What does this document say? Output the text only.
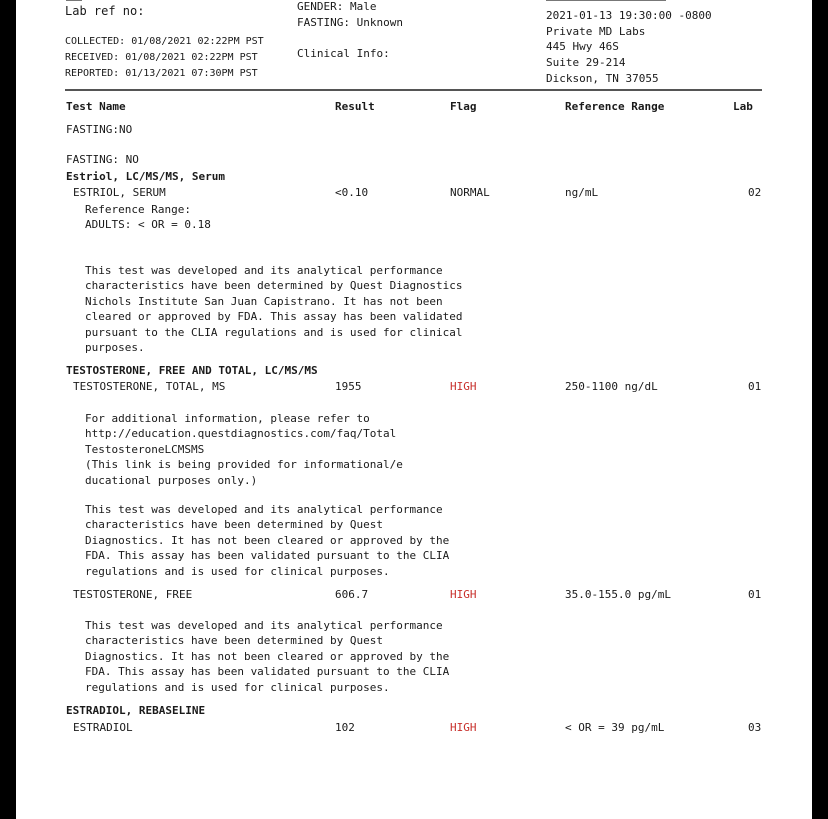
Lab ref no:
COLLECTED: 01/08/2021 02:22PM PST
RECEIVED: 01/08/2021 02:22PM PST
REPORTED: 01/13/2021 07:30PM PST
GENDER: Male
FASTING: Unknown
Clinical Info:
2021-01-13 19:30:00 -0800
Private MD Labs
445 Hwy 46S
Suite 29-214
Dickson, TN 37055
Test Name	Result	Flag	Reference Range	Lab
FASTING:NO
FASTING: NO
Estriol, LC/MS/MS, Serum
ESTRIOL, SERUM	<0.10	NORMAL	ng/mL	02
Reference Range:
ADULTS: < OR = 0.18
This test was developed and its analytical performance
characteristics have been determined by Quest Diagnostics
Nichols Institute San Juan Capistrano. It has not been
cleared or approved by FDA. This assay has been validated
pursuant to the CLIA regulations and is used for clinical
purposes.
TESTOSTERONE, FREE AND TOTAL, LC/MS/MS
TESTOSTERONE, TOTAL, MS	1955	HIGH	250-1100 ng/dL	01
For additional information, please refer to
http://education.questdiagnostics.com/faq/Total
TestosteroneLCMSMS
(This link is being provided for informational/e
ducational purposes only.)
This test was developed and its analytical performance
characteristics have been determined by Quest
Diagnostics. It has not been cleared or approved by the
FDA. This assay has been validated pursuant to the CLIA
regulations and is used for clinical purposes.
TESTOSTERONE, FREE	606.7	HIGH	35.0-155.0 pg/mL	01
This test was developed and its analytical performance
characteristics have been determined by Quest
Diagnostics. It has not been cleared or approved by the
FDA. This assay has been validated pursuant to the CLIA
regulations and is used for clinical purposes.
ESTRADIOL, REBASELINE
ESTRADIOL	102	HIGH	< OR = 39 pg/mL	03
